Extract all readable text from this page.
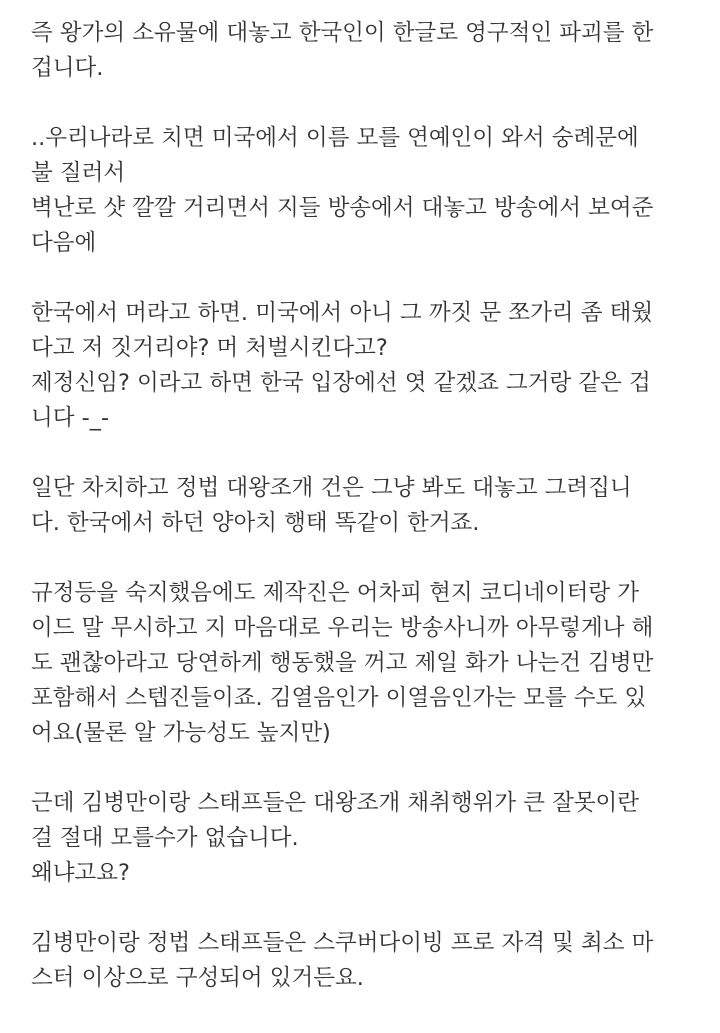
즉 왕가의 소유물에 대놓고 한국인이 한글로 영구적인 파괴를 한
겁니다.
..우리나라로 치면 미국에서 이름 모를 연예인이 와서 숭례문에
불 질러서
벽난로 샷 깔깔 거리면서 지들 방송에서 대놓고 방송에서 보여준
다음에
한국에서 머라고 하면. 미국에서 아니 그 까짓 문 쪼가리 좀 태웠
다고 저 짓거리야? 머 처벌시킨다고?
제정신임? 이라고 하면 한국 입장에선 엿 같겠죠 그거랑 같은 겁
니다 -_-
일단 차치하고 정법 대왕조개 건은 그냥 봐도 대놓고 그려집니
다. 한국에서 하던 양아치 행태 똑같이 한거죠.
규정등을 숙지했음에도 제작진은 어차피 현지 코디네이터랑 가
이드 말 무시하고 지 마음대로 우리는 방송사니까 아무렇게나 해
도 괜찮아라고 당연하게 행동했을 꺼고 제일 화가 나는건 김병만
포함해서 스텝진들이죠. 김열음인가 이열음인가는 모를 수도 있
어요(물론 알 가능성도 높지만)
근데 김병만이랑 스태프들은 대왕조개 채취행위가 큰 잘못이란
걸 절대 모를수가 없습니다.
왜냐고요?
김병만이랑 정법 스태프들은 스쿠버다이빙 프로 자격 및 최소 마
스터 이상으로 구성되어 있거든요.
